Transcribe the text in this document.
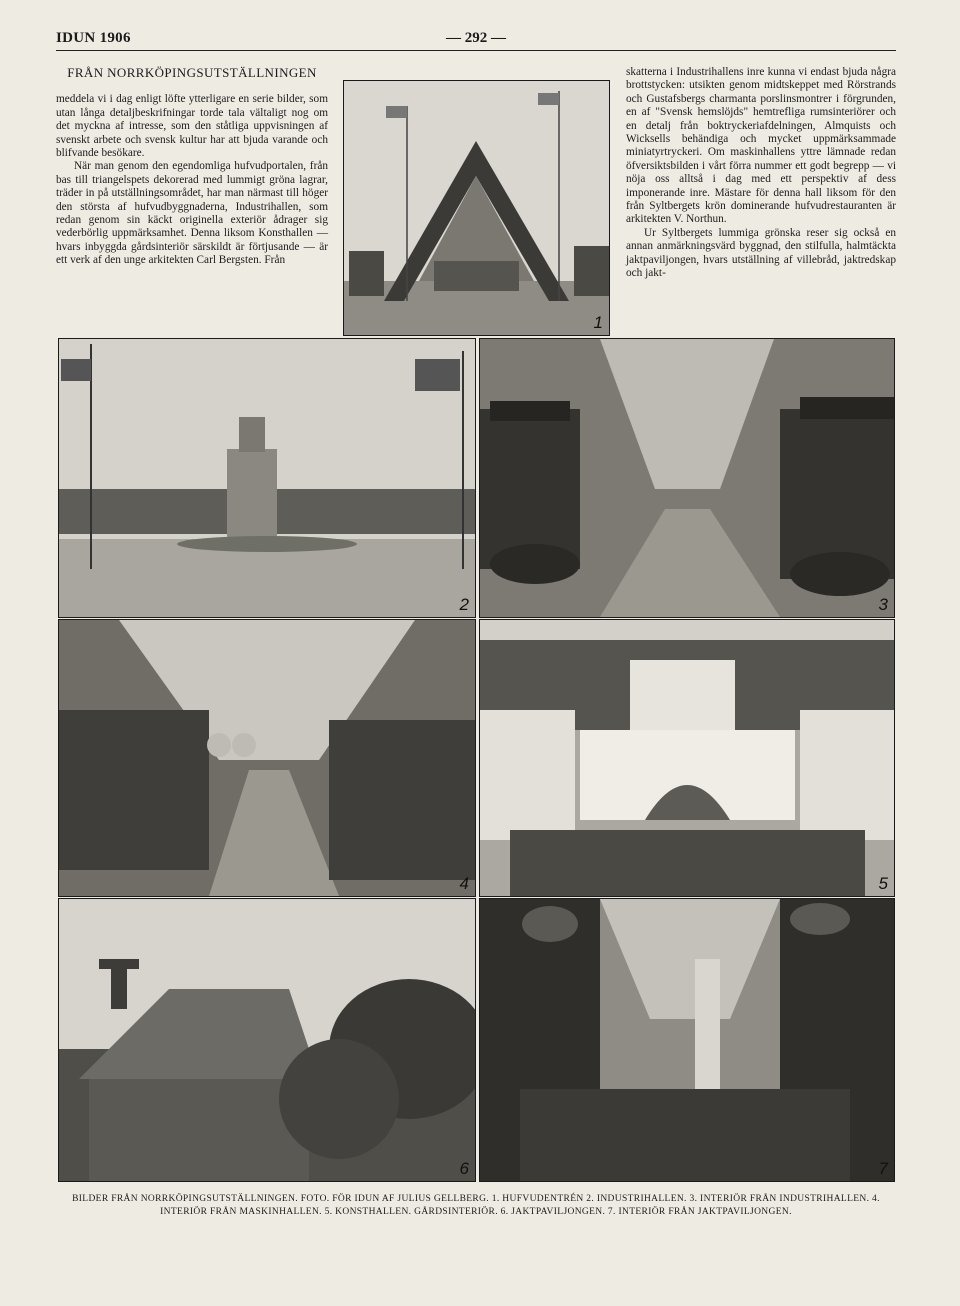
IDUN 1906	— 292 —
FRÅN NORRKÖPINGSUTSTÄLLNINGEN

meddela vi i dag enligt löfte ytterligare en serie bilder, som utan långa detaljbeskrifningar torde tala vältaligt nog om det myckna af intresse, som den ståtliga uppvisningen af svenskt arbete och svensk kultur har att bjuda varande och blifvande besökare.

När man genom den egendomliga hufvudportalen, från bas till triangelspets dekorerad med lummigt gröna lagrar, träder in på utställningsområdet, har man närmast till höger den största af hufvudbyggnaderna, Industrihallen, som redan genom sin käckt originella exteriör ådrager sig vederbörlig uppmärksamhet. Denna liksom Konsthallen — hvars inbyggda gårdsinteriör särskildt är förtjusande — är ett verk af den unge arkitekten Carl Bergsten. Från

1

skatterna i Industrihallens inre kunna vi endast bjuda några brottstycken: utsikten genom midtskeppet med Rörstrands och Gustafsbergs charmanta porslinsmontrer i förgrunden, en af "Svensk hemslöjds" hemtrefliga rumsinteriörer och en detalj från boktryckeriafdelningen, Almquists och Wicksells behändiga och mycket uppmärksammade miniatyrtryckeri. Om maskinhallens yttre lämnade redan öfversiktsbilden i vårt förra nummer ett godt begrepp — vi nöja oss alltså i dag med ett perspektiv af dess imponerande inre. Mästare för denna hall liksom för den från Syltbergets krön dominerande hufvudrestauranten är arkitekten V. Northun.

Ur Syltbergets lummiga grönska reser sig också en annan anmärkningsvärd byggnad, den stilfulla, halmtäckta jaktpaviljongen, hvars utställning af villebråd, jaktredskap och jakt-

2	3
4	5
6	7
BILDER FRÅN NORRKÖPINGSUTSTÄLLNINGEN. FOTO. FÖR IDUN AF JULIUS GELLBERG. 1. HUFVUDENTRÉN 2. INDUSTRIHALLEN. 3. INTERIÖR FRÅN INDUSTRIHALLEN. 4. INTERIÖR FRÅN MASKINHALLEN. 5. KONSTHALLEN. GÅRDSINTERIÖR. 6. JAKTPAVILJONGEN. 7. INTERIÖR FRÅN JAKTPAVILJONGEN.
